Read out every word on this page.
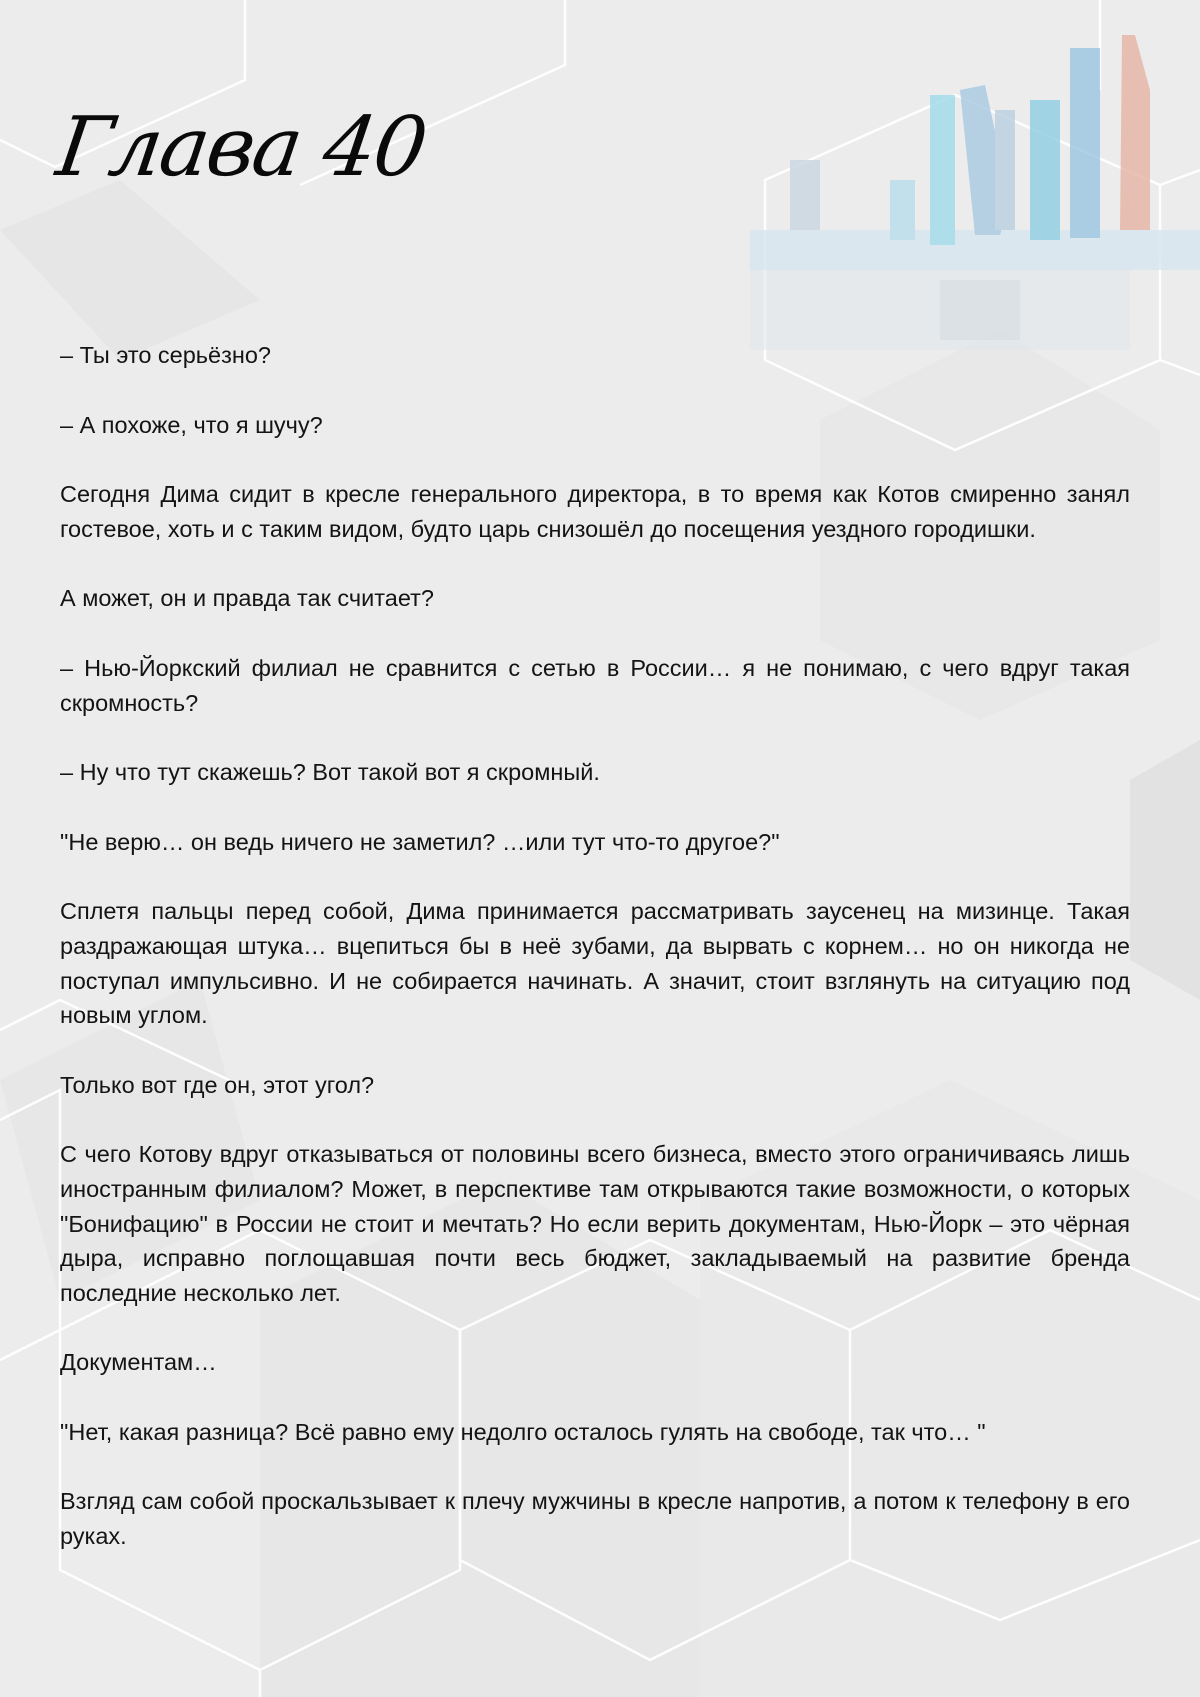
Глава 40

– Ты это серьёзно?

– А похоже, что я шучу?

Сегодня Дима сидит в кресле генерального директора, в то время как Котов смиренно занял гостевое, хоть и с таким видом, будто царь снизошёл до посещения уездного городишки.

А может, он и правда так считает?

– Нью-Йоркский филиал не сравнится с сетью в России… я не понимаю, с чего вдруг такая скромность?

– Ну что тут скажешь? Вот такой вот я скромный.

"Не верю… он ведь ничего не заметил? …или тут что-то другое?"

Сплетя пальцы перед собой, Дима принимается рассматривать заусенец на мизинце. Такая раздражающая штука… вцепиться бы в неё зубами, да вырвать с корнем… но он никогда не поступал импульсивно. И не собирается начинать. А значит, стоит взглянуть на ситуацию под новым углом.

Только вот где он, этот угол?

С чего Котову вдруг отказываться от половины всего бизнеса, вместо этого ограничиваясь лишь иностранным филиалом? Может, в перспективе там открываются такие возможности, о которых "Бонифацию" в России не стоит и мечтать? Но если верить документам, Нью-Йорк – это чёрная дыра, исправно поглощавшая почти весь бюджет, закладываемый на развитие бренда последние несколько лет.

Документам…

"Нет, какая разница? Всё равно ему недолго осталось гулять на свободе, так что… "

Взгляд сам собой проскальзывает к плечу мужчины в кресле напротив, а потом к телефону в его руках.
